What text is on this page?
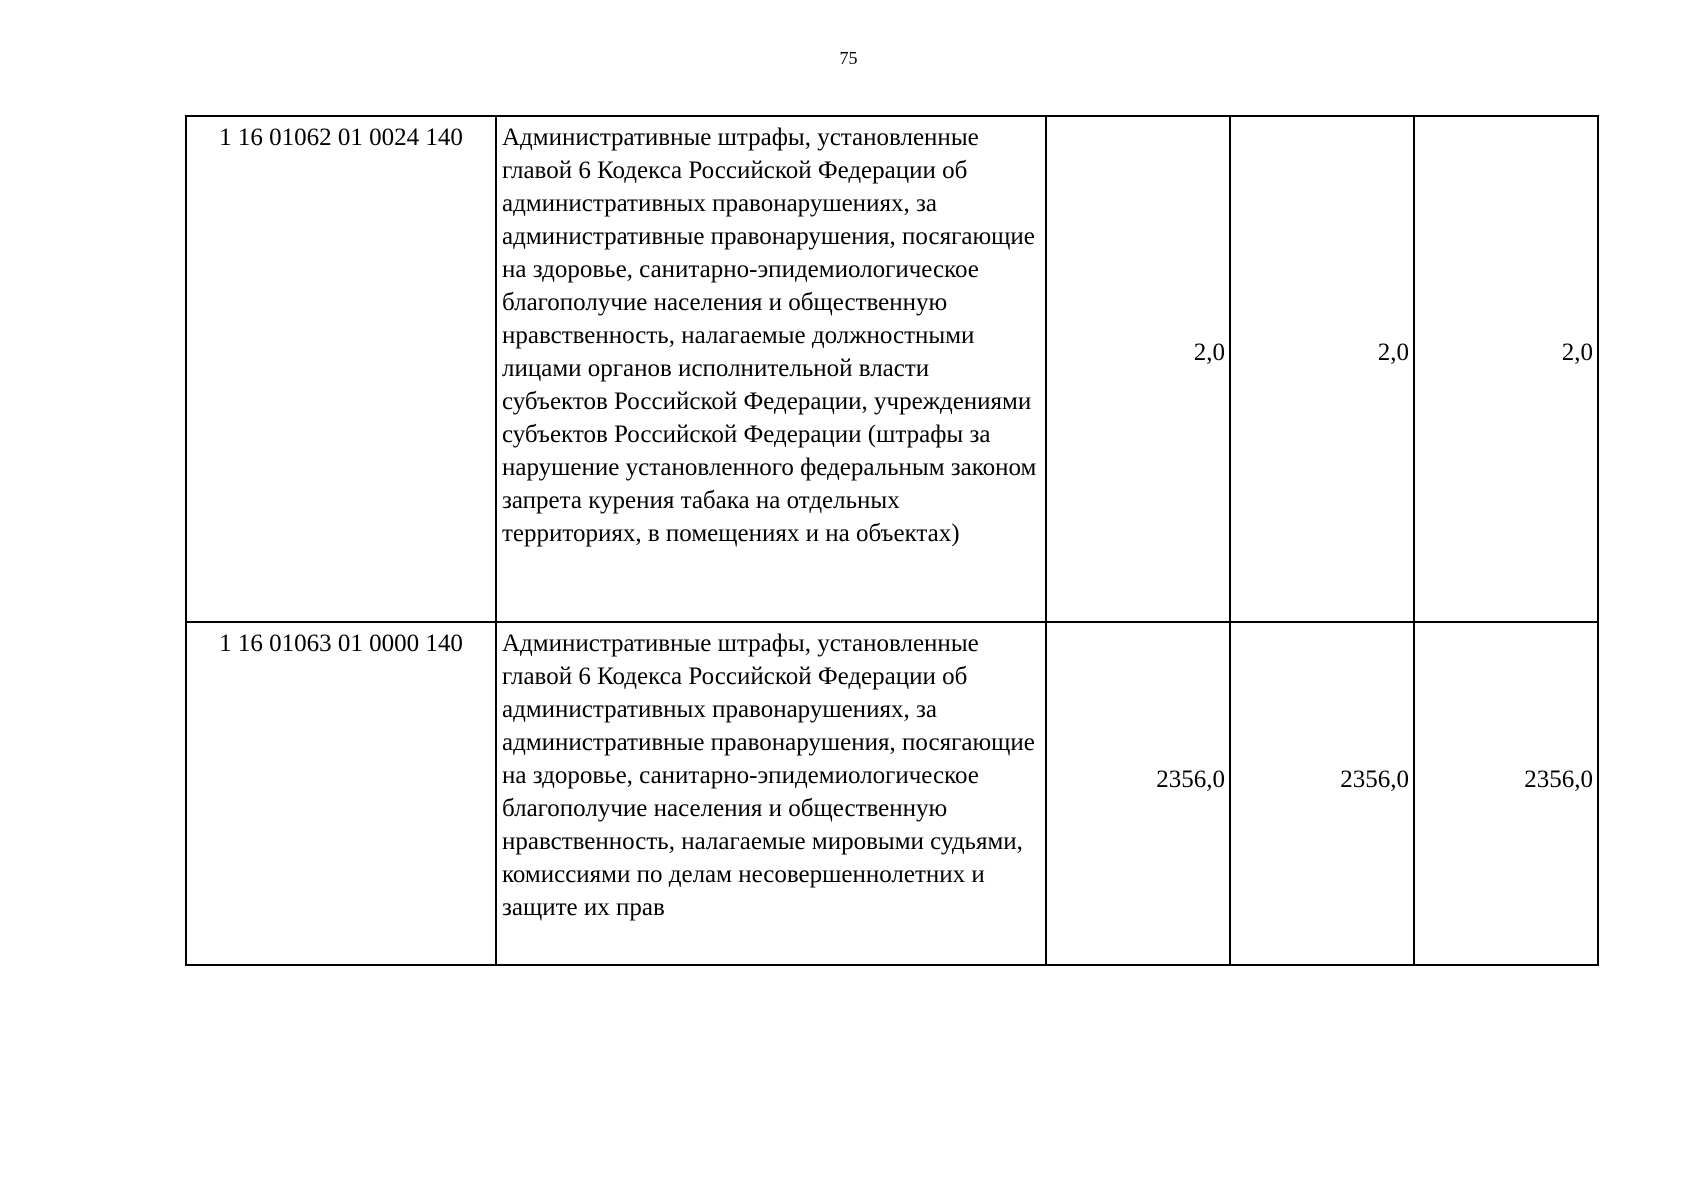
75
1 16 01062 01 0024 140	Административные штрафы, установленные главой 6 Кодекса Российской Федерации об административных правонарушениях, за административные правонарушения, посягающие на здоровье, санитарно-эпидемиологическое благополучие населения и общественную нравственность, налагаемые должностными лицами органов исполнительной власти субъектов Российской Федерации, учреждениями субъектов Российской Федерации (штрафы за нарушение установленного федеральным законом запрета курения табака на отдельных территориях, в помещениях и на объектах)	2,0	2,0	2,0
1 16 01063 01 0000 140	Административные штрафы, установленные главой 6 Кодекса Российской Федерации об административных правонарушениях, за административные правонарушения, посягающие на здоровье, санитарно-эпидемиологическое благополучие населения и общественную нравственность, налагаемые мировыми судьями, комиссиями по делам несовершеннолетних и защите их прав	2356,0	2356,0	2356,0
